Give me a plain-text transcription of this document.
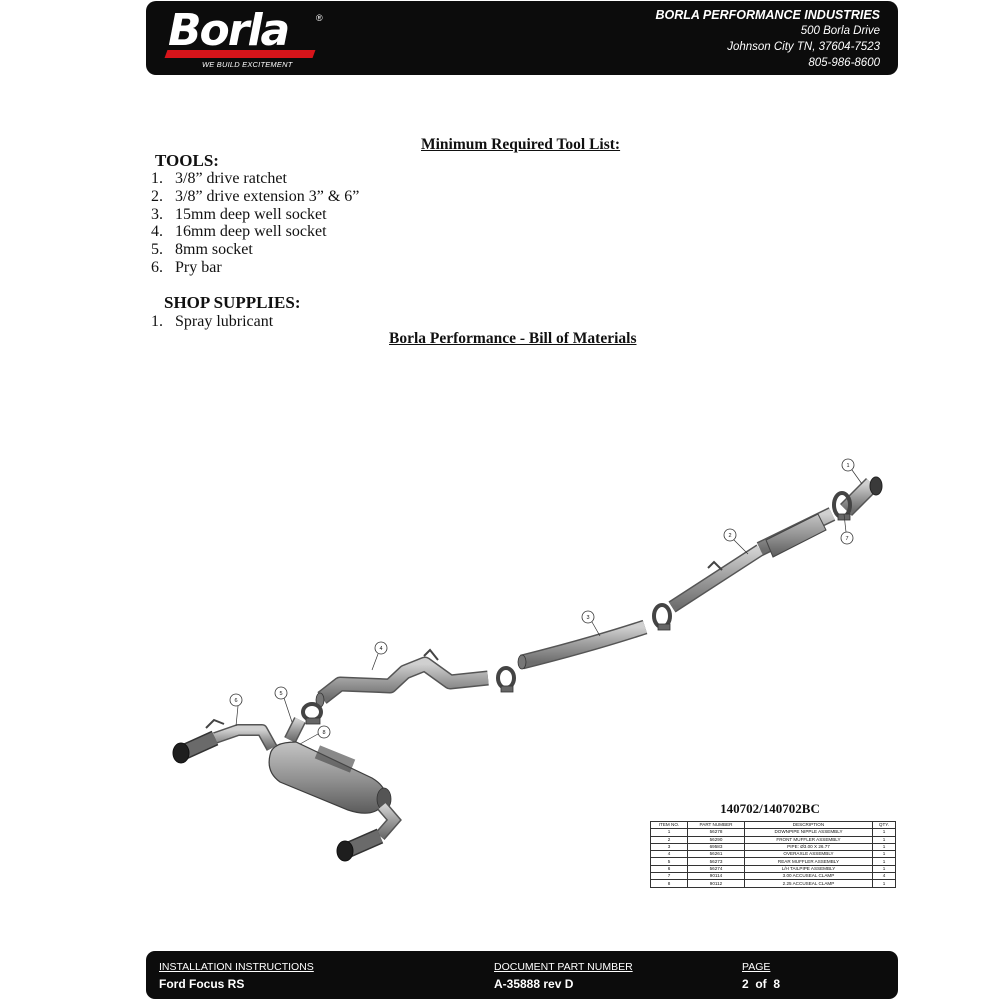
Borla	®
WE BUILD EXCITEMENT
BORLA PERFORMANCE INDUSTRIES
500 Borla Drive
Johnson City TN, 37604-7523
805-986-8600
Minimum Required Tool List:
TOOLS:
1. 3/8” drive ratchet
2. 3/8” drive extension 3” & 6”
3. 15mm deep well socket
4. 16mm deep well socket
5. 8mm socket
6. Pry bar
SHOP SUPPLIES:
1. Spray lubricant
Borla Performance - Bill of Materials
1
2
3
4
5
6
7
8
140702/140702BC
ITEM NO.	PART NUMBER	DESCRIPTION	QTY.
1	56278	DOWNPIPE NIPPLE ASSEMBLY	1
2	56290	FRONT MUFFLER ASSEMBLY	1
3	69583	PIPE: Ø3.00 X 26.77	1
4	56261	OVERAXLE ASSEMBLY	1
5	56273	REAR MUFFLER ASSEMBLY	1
6	56274	L/H TAILPIPE ASSEMBLY	1
7	90114	3.00 ACCUSEAL CLAMP	4
8	90112	2.25 ACCUSEAL CLAMP	1
INSTALLATION INSTRUCTIONS
Ford Focus RS
DOCUMENT PART NUMBER
A-35888 rev D
PAGE
2  of  8
